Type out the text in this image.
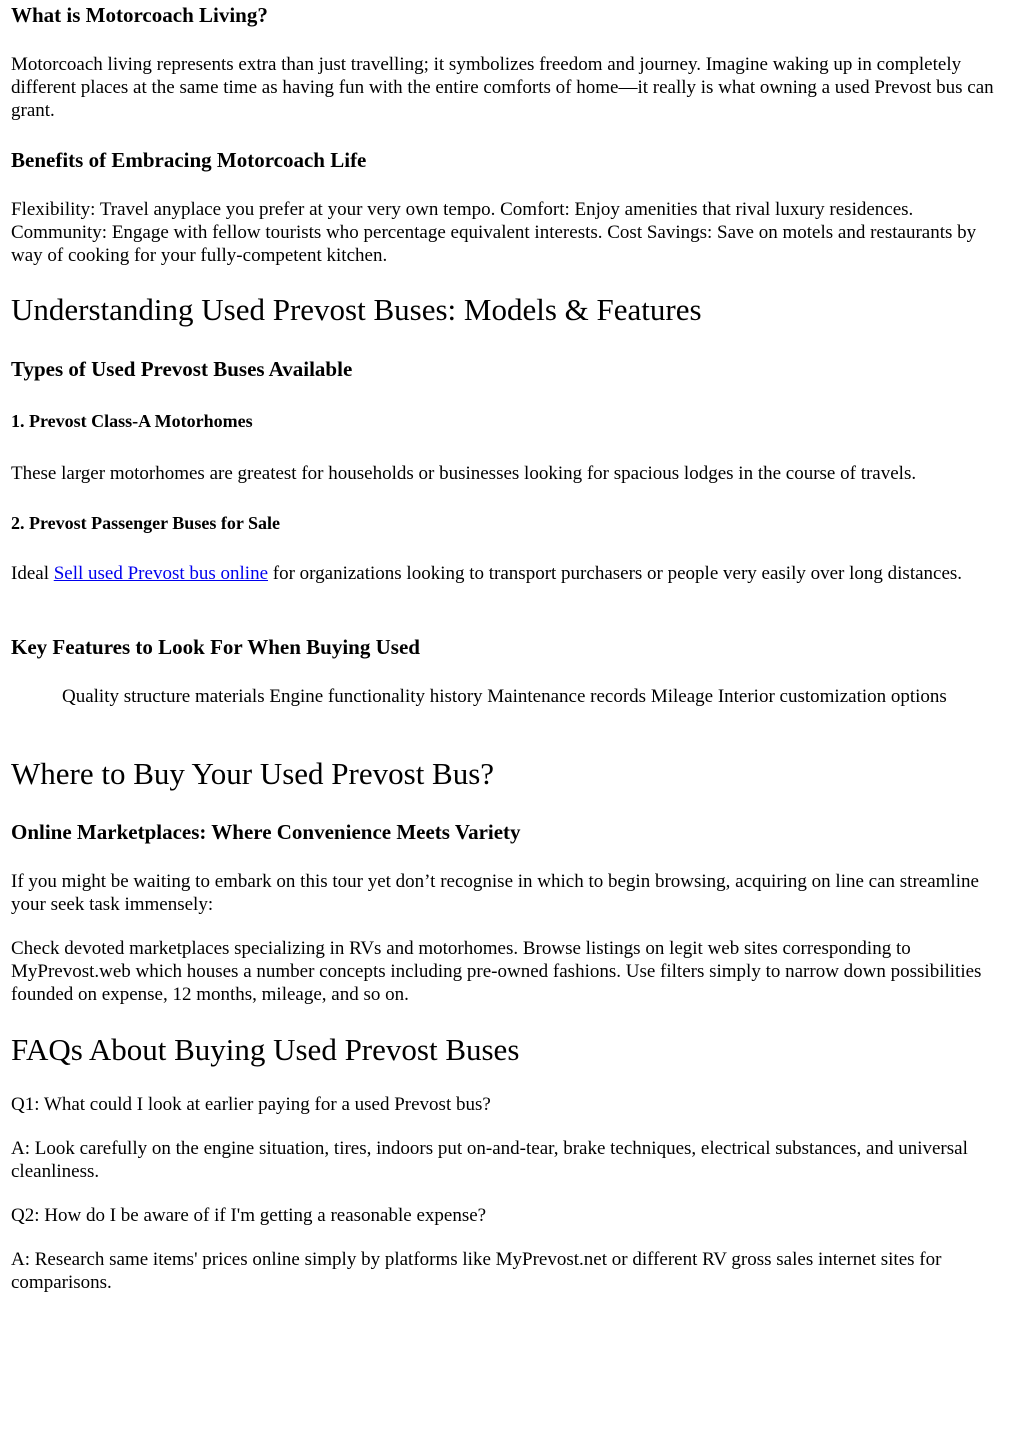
What is Motorcoach Living?

Motorcoach living represents extra than just travelling; it symbolizes freedom and journey. Imagine waking up in completely different places at the same time as having fun with the entire comforts of home—it really is what owning a used Prevost bus can grant.

Benefits of Embracing Motorcoach Life

Flexibility: Travel anyplace you prefer at your very own tempo. Comfort: Enjoy amenities that rival luxury residences. Community: Engage with fellow tourists who percentage equivalent interests. Cost Savings: Save on motels and restaurants by way of cooking for your fully-competent kitchen.

Understanding Used Prevost Buses: Models & Features
Types of Used Prevost Buses Available
1. Prevost Class-A Motorhomes

These larger motorhomes are greatest for households or businesses looking for spacious lodges in the course of travels.

2. Prevost Passenger Buses for Sale

Ideal Sell used Prevost bus online for organizations looking to transport purchasers or people very easily over long distances.

Key Features to Look For When Buying Used

Quality structure materials Engine functionality history Maintenance records Mileage Interior customization options

Where to Buy Your Used Prevost Bus?
Online Marketplaces: Where Convenience Meets Variety

If you might be waiting to embark on this tour yet don’t recognise in which to begin browsing, acquiring on line can streamline your seek task immensely:

Check devoted marketplaces specializing in RVs and motorhomes. Browse listings on legit web sites corresponding to MyPrevost.web which houses a number concepts including pre-owned fashions. Use filters simply to narrow down possibilities founded on expense, 12 months, mileage, and so on.

FAQs About Buying Used Prevost Buses

Q1: What could I look at earlier paying for a used Prevost bus?

A: Look carefully on the engine situation, tires, indoors put on-and-tear, brake techniques, electrical substances, and universal cleanliness.

Q2: How do I be aware of if I'm getting a reasonable expense?

A: Research same items' prices online simply by platforms like MyPrevost.net or different RV gross sales internet sites for comparisons.
